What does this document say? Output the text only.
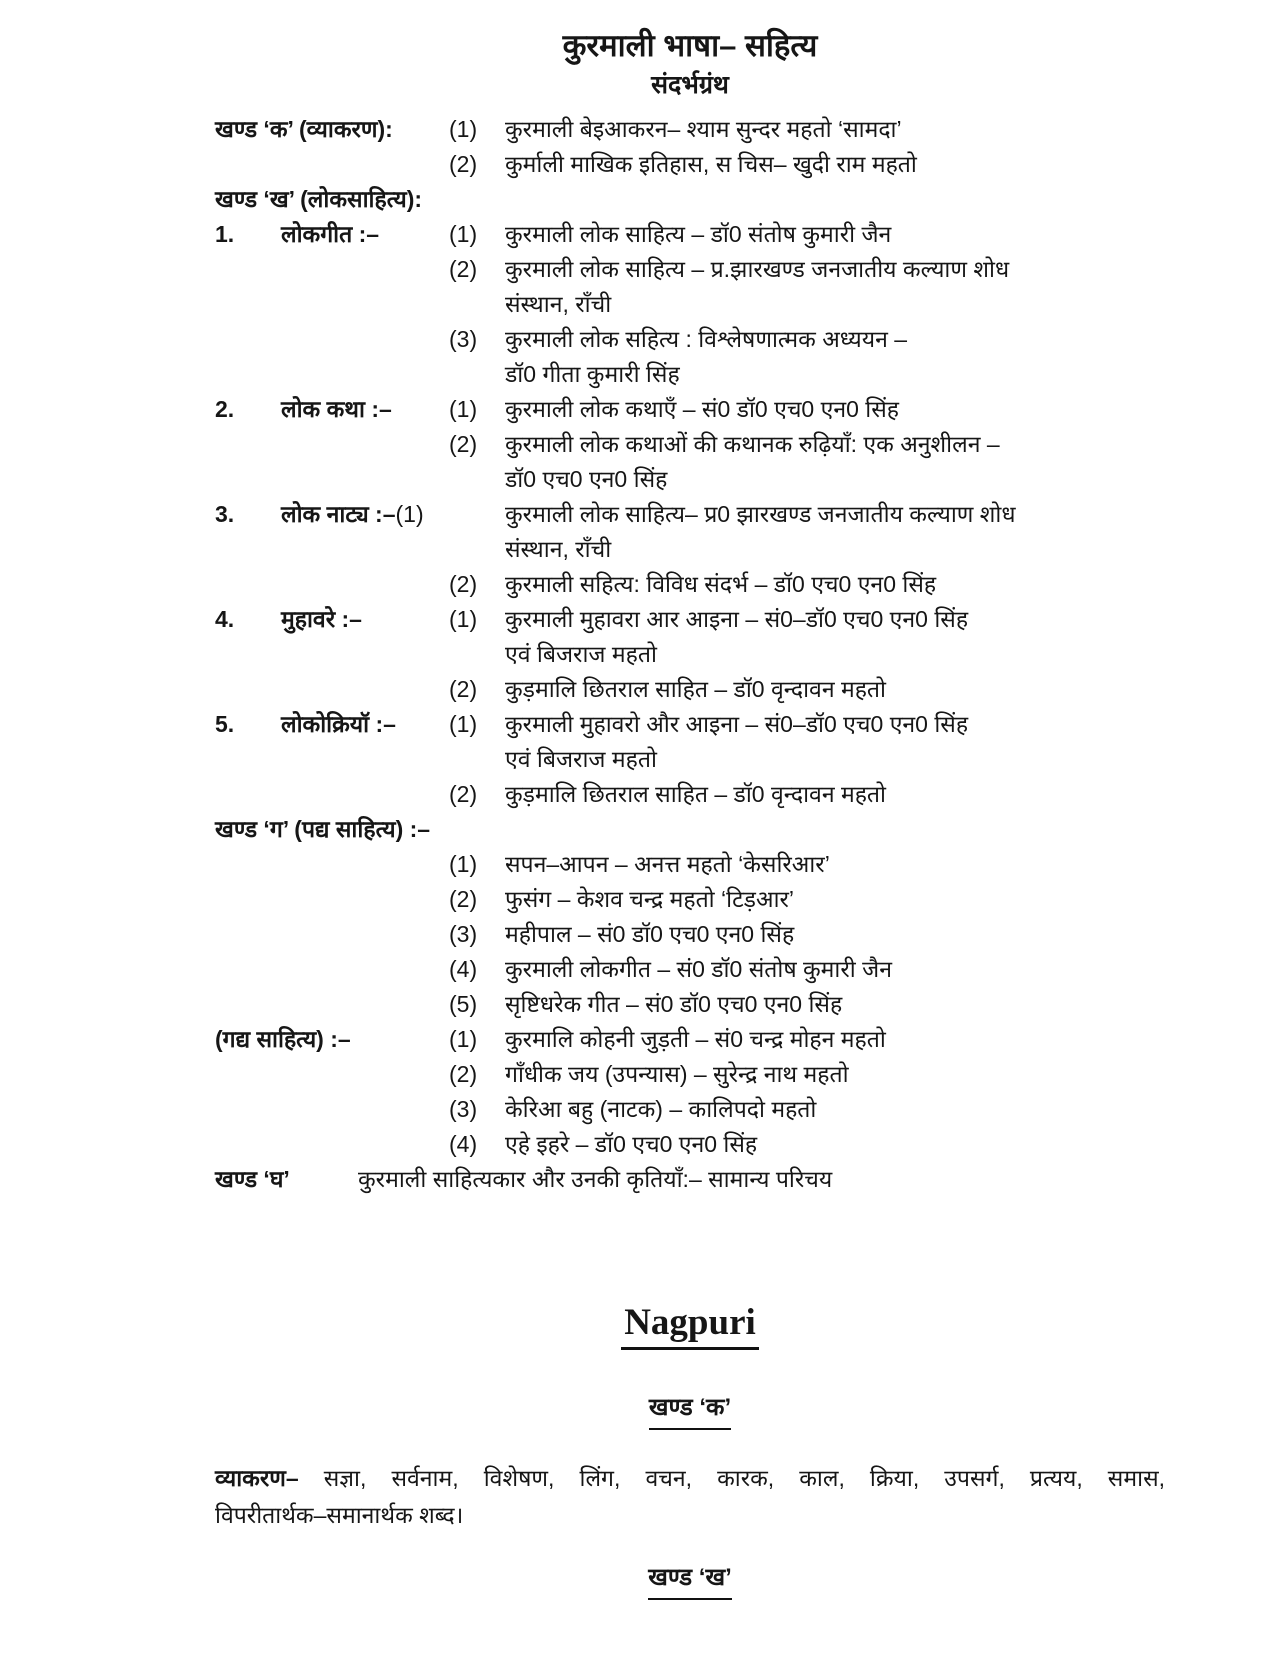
कुरमाली भाषा– सहित्य
संदर्भग्रंथ
खण्ड ‘क’ (व्याकरण):	(1)	कुरमाली बेइआकरन– श्याम सुन्दर महतो ‘सामदा’
(2)	कुर्माली माखिक इतिहास, स चिस– खुदी राम महतो
खण्ड ‘ख’ (लोकसाहित्य):
1.	लोकगीत :–	(1)	कुरमाली लोक साहित्य – डॉ0 संतोष कुमारी जैन
(2)	कुरमाली लोक साहित्य – प्र.झारखण्ड जनजातीय कल्याण शोध
संस्थान, राँची
(3)	कुरमाली लोक सहित्य : विश्लेषणात्मक अध्ययन –
डॉ0 गीता कुमारी सिंह
2.	लोक कथा :–	(1)	कुरमाली लोक कथाएँ – सं0 डॉ0 एच0 एन0 सिंह
(2)	कुरमाली लोक कथाओं की कथानक रुढ़ियाँ: एक अनुशीलन –
डॉ0 एच0 एन0 सिंह
3.	लोक नाट्य :–(1)	कुरमाली लोक साहित्य– प्र0 झारखण्ड जनजातीय कल्याण शोध
संस्थान, राँची
(2)	कुरमाली सहित्य: विविध संदर्भ – डॉ0 एच0 एन0 सिंह
4.	मुहावरे :–	(1)	कुरमाली मुहावरा आर आइना – सं0–डॉ0 एच0 एन0 सिंह
एवं बिजराज महतो
(2)	कुड़मालि छितराल साहित – डॉ0 वृन्दावन महतो
5.	लोकोक्रियॉ :–	(1)	कुरमाली मुहावरो और आइना – सं0–डॉ0 एच0 एन0 सिंह
एवं बिजराज महतो
(2)	कुड़मालि छितराल साहित – डॉ0 वृन्दावन महतो
खण्ड ‘ग’ (पद्य साहित्य) :–
(1)	सपन–आपन – अनत्त महतो ‘केसरिआर’
(2)	फुसंग – केशव चन्द्र महतो ‘टिड़आर’
(3)	महीपाल – सं0 डॉ0 एच0 एन0 सिंह
(4)	कुरमाली लोकगीत – सं0 डॉ0 संतोष कुमारी जैन
(5)	सृष्टिधरेक गीत – सं0 डॉ0 एच0 एन0 सिंह
(गद्य साहित्य) :–	(1)	कुरमालि कोहनी जुड़ती – सं0 चन्द्र मोहन महतो
(2)	गाँधीक जय (उपन्यास) – सुरेन्द्र नाथ महतो
(3)	केरिआ बहु (नाटक) – कालिपदो महतो
(4)	एहे इहरे – डॉ0 एच0 एन0 सिंह
खण्ड ‘घ’	कुरमाली साहित्यकार और उनकी कृतियाँ:– सामान्य परिचय
Nagpuri
खण्ड ‘क’
व्याकरण– सज्ञा, सर्वनाम, विशेषण, लिंग, वचन, कारक, काल, क्रिया, उपसर्ग, प्रत्यय, समास,
विपरीतार्थक–समानार्थक शब्द।
खण्ड ‘ख’
